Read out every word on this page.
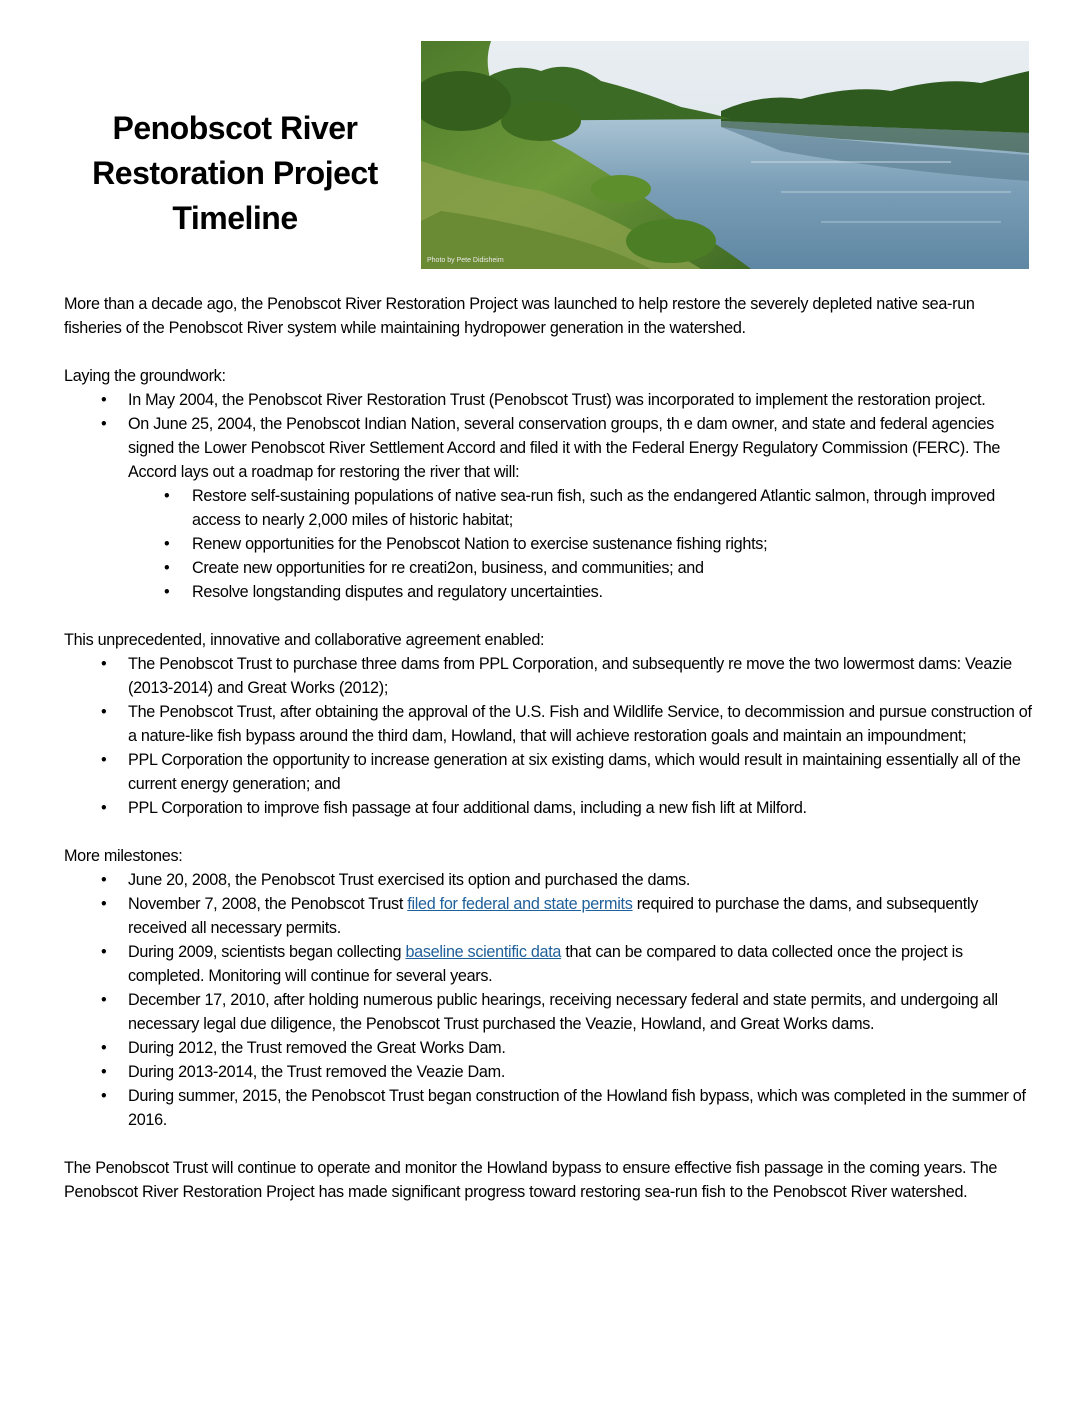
Penobscot River
Restoration Project
Timeline
Photo by Pete Didisheim

More than a decade ago, the Penobscot River Restoration Project was launched to help restore the severely depleted native sea-run fisheries of the Penobscot River system while maintaining hydropower generation in the watershed.

Laying the groundwork:

• In May 2004, the Penobscot River Restoration Trust (Penobscot Trust) was incorporated to implement the restoration project.
• On June 25, 2004, the Penobscot Indian Nation, several conservation groups, th e dam owner, and state and federal agencies signed the Lower Penobscot River Settlement Accord and filed it with the Federal Energy Regulatory Commission (FERC). The Accord lays out a roadmap for restoring the river that will:
• Restore self-sustaining populations of native sea-run fish, such as the endangered Atlantic salmon, through improved access to nearly 2,000 miles of historic habitat;
• Renew opportunities for the Penobscot Nation to exercise sustenance fishing rights;
• Create new opportunities for re creati2on, business, and communities; and
• Resolve longstanding disputes and regulatory uncertainties.

This unprecedented, innovative and collaborative agreement enabled:

• The Penobscot Trust to purchase three dams from PPL Corporation, and subsequently re move the two lowermost dams: Veazie (2013-2014) and Great Works (2012);
• The Penobscot Trust, after obtaining the approval of the U.S. Fish and Wildlife Service, to decommission and pursue construction of a nature-like fish bypass around the third dam, Howland, that will achieve restoration goals and maintain an impoundment;
• PPL Corporation the opportunity to increase generation at six existing dams, which would result in maintaining essentially all of the current energy generation; and
• PPL Corporation to improve fish passage at four additional dams, including a new fish lift at Milford.

More milestones:

• June 20, 2008, the Penobscot Trust exercised its option and purchased the dams.
• November 7, 2008, the Penobscot Trust filed for federal and state permits required to purchase the dams, and subsequently received all necessary permits.
• During 2009, scientists began collecting baseline scientific data that can be compared to data collected once the project is completed. Monitoring will continue for several years.
• December 17, 2010, after holding numerous public hearings, receiving necessary federal and state permits, and undergoing all necessary legal due diligence, the Penobscot Trust purchased the Veazie, Howland, and Great Works dams.
• During 2012, the Trust removed the Great Works Dam.
• During 2013-2014, the Trust removed the Veazie Dam.
• During summer, 2015, the Penobscot Trust began construction of the Howland fish bypass, which was completed in the summer of 2016.

The Penobscot Trust will continue to operate and monitor the Howland bypass to ensure effective fish passage in the coming years. The Penobscot River Restoration Project has made significant progress toward restoring sea-run fish to the Penobscot River watershed.
